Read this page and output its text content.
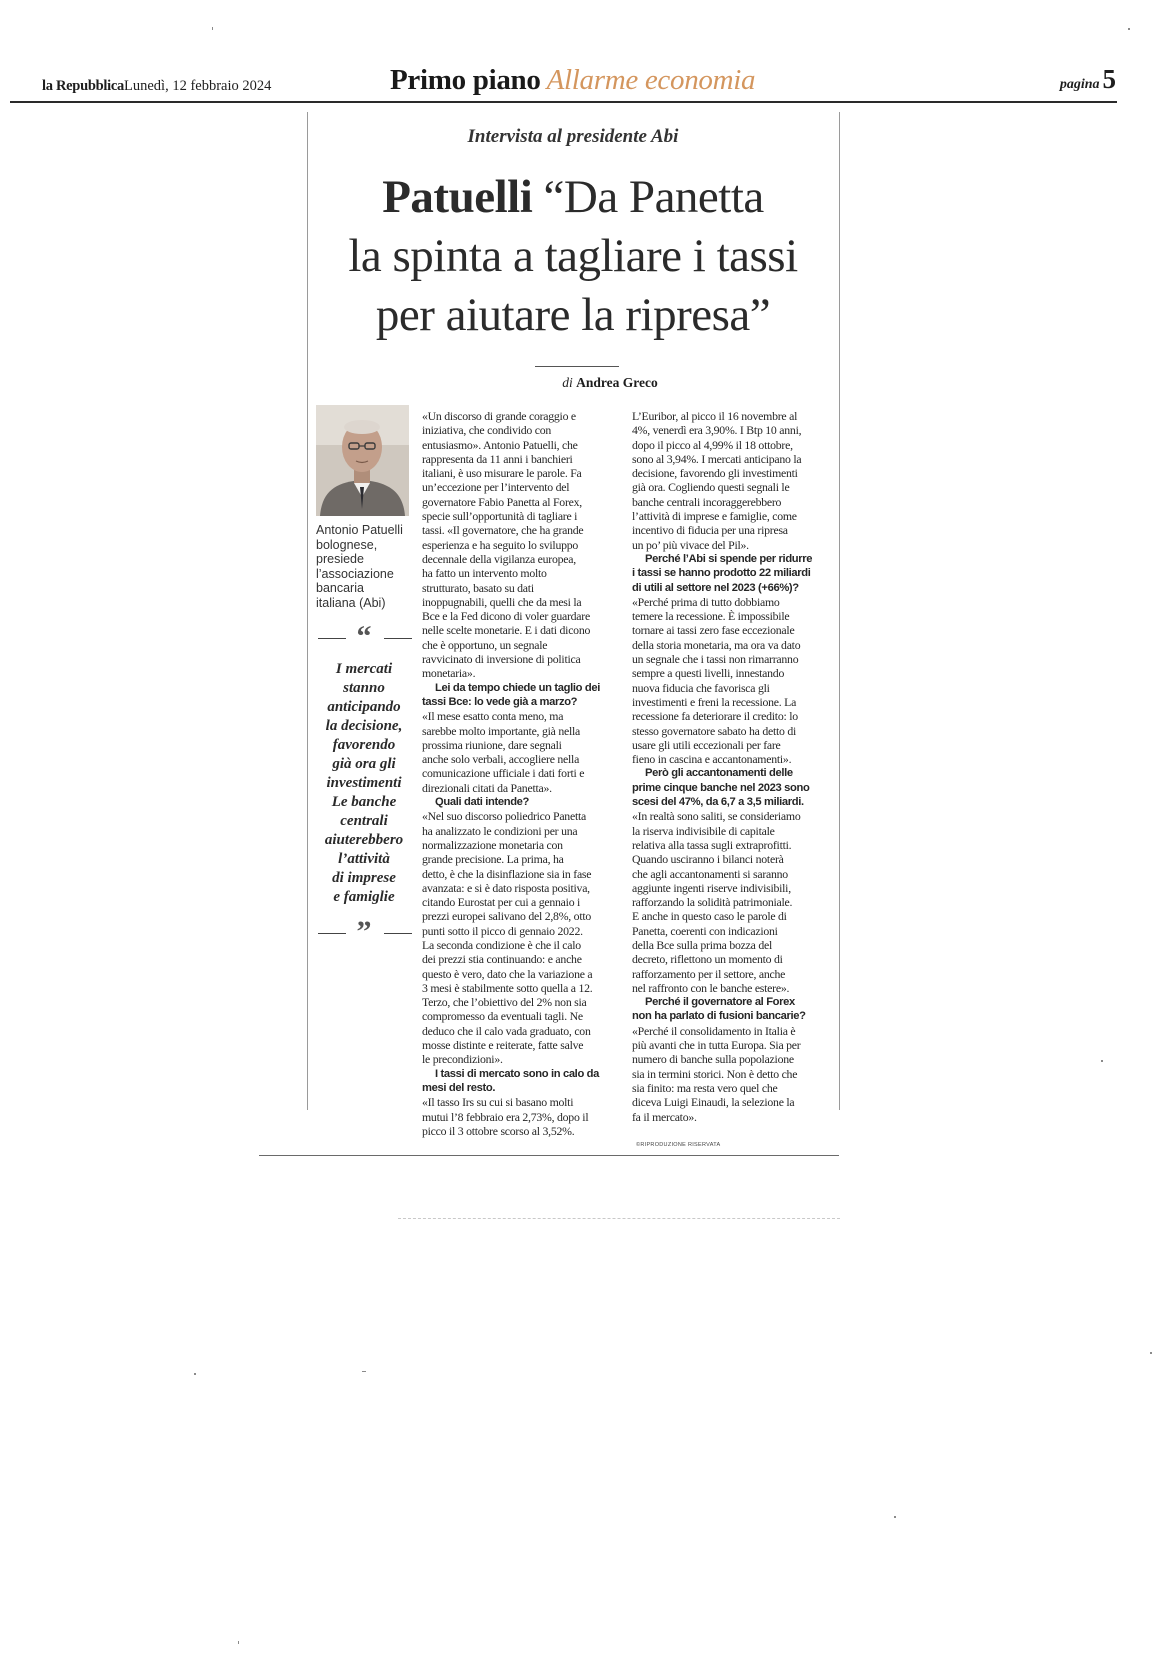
la Repubblica Lunedì, 12 febbraio 2024	Primo piano Allarme economia	pagina 5
Intervista al presidente Abi
Patuelli “Da Panetta
la spinta a tagliare i tassi
per aiutare la ripresa”
di Andrea Greco
Antonio Patuelli
bolognese,
presiede
l’associazione
bancaria
italiana (Abi)
“
I mercati
stanno
anticipando
la decisione,
favorendo
già ora gli
investimenti
Le banche
centrali
aiuterebbero
l’attività
di imprese
e famiglie
”

«Un discorso di grande coraggio e
iniziativa, che condivido con
entusiasmo». Antonio Patuelli, che
rappresenta da 11 anni i banchieri
italiani, è uso misurare le parole. Fa
un’eccezione per l’intervento del
governatore Fabio Panetta al Forex,
specie sull’opportunità di tagliare i
tassi. «Il governatore, che ha grande
esperienza e ha seguito lo sviluppo
decennale della vigilanza europea,
ha fatto un intervento molto
strutturato, basato su dati
inoppugnabili, quelli che da mesi la
Bce e la Fed dicono di voler guardare
nelle scelte monetarie. E i dati dicono
che è opportuno, un segnale
ravvicinato di inversione di politica
monetaria».

Lei da tempo chiede un taglio dei
tassi Bce: lo vede già a marzo?

«Il mese esatto conta meno, ma
sarebbe molto importante, già nella
prossima riunione, dare segnali
anche solo verbali, accogliere nella
comunicazione ufficiale i dati forti e
direzionali citati da Panetta».

Quali dati intende?

«Nel suo discorso poliedrico Panetta
ha analizzato le condizioni per una
normalizzazione monetaria con
grande precisione. La prima, ha
detto, è che la disinflazione sia in fase
avanzata: e si è dato risposta positiva,
citando Eurostat per cui a gennaio i
prezzi europei salivano del 2,8%, otto
punti sotto il picco di gennaio 2022.
La seconda condizione è che il calo
dei prezzi stia continuando: e anche
questo è vero, dato che la variazione a
3 mesi è stabilmente sotto quella a 12.
Terzo, che l’obiettivo del 2% non sia
compromesso da eventuali tagli. Ne
deduco che il calo vada graduato, con
mosse distinte e reiterate, fatte salve
le precondizioni».

I tassi di mercato sono in calo da
mesi del resto.

«Il tasso Irs su cui si basano molti
mutui l’8 febbraio era 2,73%, dopo il
picco il 3 ottobre scorso al 3,52%.

L’Euribor, al picco il 16 novembre al
4%, venerdì era 3,90%. I Btp 10 anni,
dopo il picco al 4,99% il 18 ottobre,
sono al 3,94%. I mercati anticipano la
decisione, favorendo gli investimenti
già ora. Cogliendo questi segnali le
banche centrali incoraggerebbero
l’attività di imprese e famiglie, come
incentivo di fiducia per una ripresa
un po’ più vivace del Pil».

Perché l’Abi si spende per ridurre
i tassi se hanno prodotto 22 miliardi
di utili al settore nel 2023 (+66%)?

«Perché prima di tutto dobbiamo
temere la recessione. È impossibile
tornare ai tassi zero fase eccezionale
della storia monetaria, ma ora va dato
un segnale che i tassi non rimarranno
sempre a questi livelli, innestando
nuova fiducia che favorisca gli
investimenti e freni la recessione. La
recessione fa deteriorare il credito: lo
stesso governatore sabato ha detto di
usare gli utili eccezionali per fare
fieno in cascina e accantonamenti».

Però gli accantonamenti delle
prime cinque banche nel 2023 sono
scesi del 47%, da 6,7 a 3,5 miliardi.

«In realtà sono saliti, se consideriamo
la riserva indivisibile di capitale
relativa alla tassa sugli extraprofitti.
Quando usciranno i bilanci noterà
che agli accantonamenti si saranno
aggiunte ingenti riserve indivisibili,
rafforzando la solidità patrimoniale.
E anche in questo caso le parole di
Panetta, coerenti con indicazioni
della Bce sulla prima bozza del
decreto, riflettono un momento di
rafforzamento per il settore, anche
nel raffronto con le banche estere».

Perché il governatore al Forex
non ha parlato di fusioni bancarie?

«Perché il consolidamento in Italia è
più avanti che in tutta Europa. Sia per
numero di banche sulla popolazione
sia in termini storici. Non è detto che
sia finito: ma resta vero quel che
diceva Luigi Einaudi, la selezione la
fa il mercato».

©RIPRODUZIONE RISERVATA
